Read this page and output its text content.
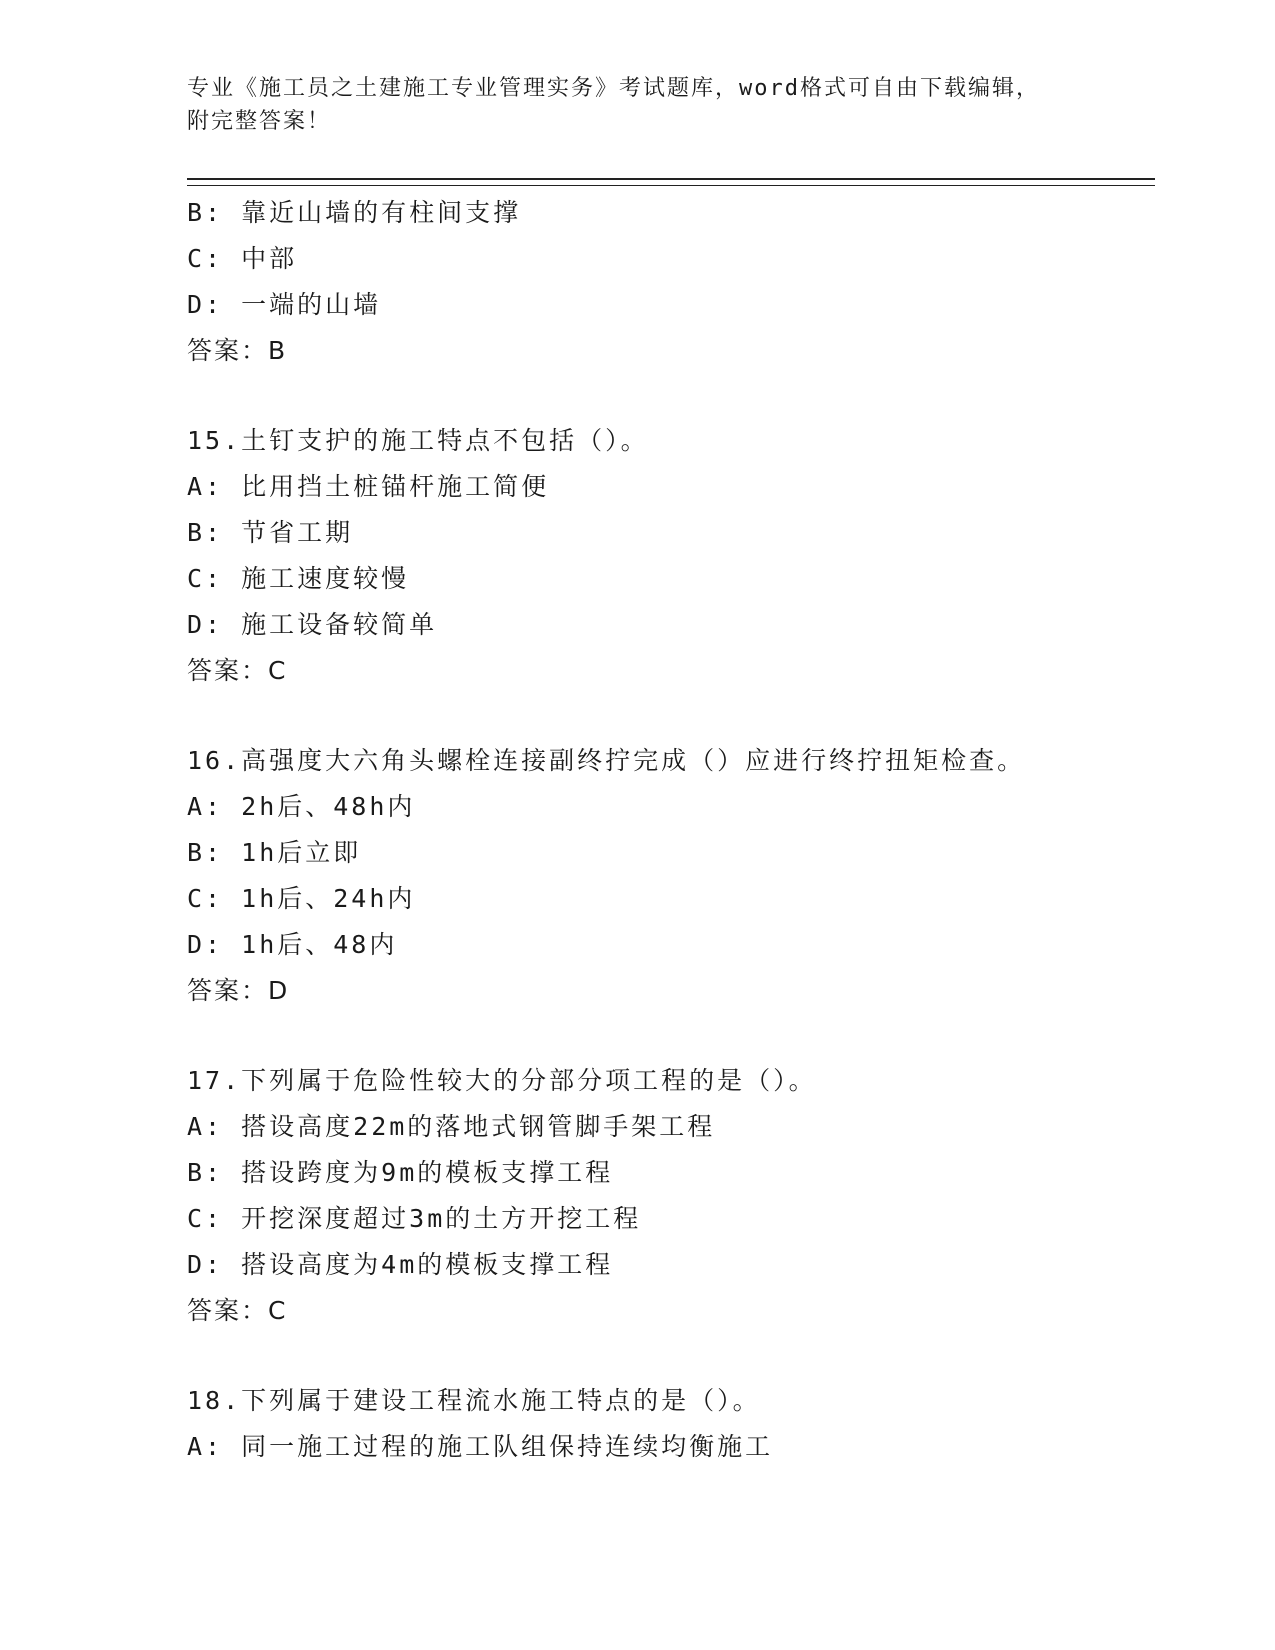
专业《施工员之土建施工专业管理实务》考试题库，word格式可自由下载编辑，
附完整答案！
B: 靠近山墙的有柱间支撑
C: 中部
D: 一端的山墙
答案：B
15.土钉支护的施工特点不包括（）。
A: 比用挡土桩锚杆施工简便
B: 节省工期
C: 施工速度较慢
D: 施工设备较简单
答案：C
16.高强度大六角头螺栓连接副终拧完成（）应进行终拧扭矩检查。
A: 2h后、48h内
B: 1h后立即
C: 1h后、24h内
D: 1h后、48内
答案：D
17.下列属于危险性较大的分部分项工程的是（）。
A: 搭设高度22m的落地式钢管脚手架工程
B: 搭设跨度为9m的模板支撑工程
C: 开挖深度超过3m的土方开挖工程
D: 搭设高度为4m的模板支撑工程
答案：C
18.下列属于建设工程流水施工特点的是（）。
A: 同一施工过程的施工队组保持连续均衡施工
